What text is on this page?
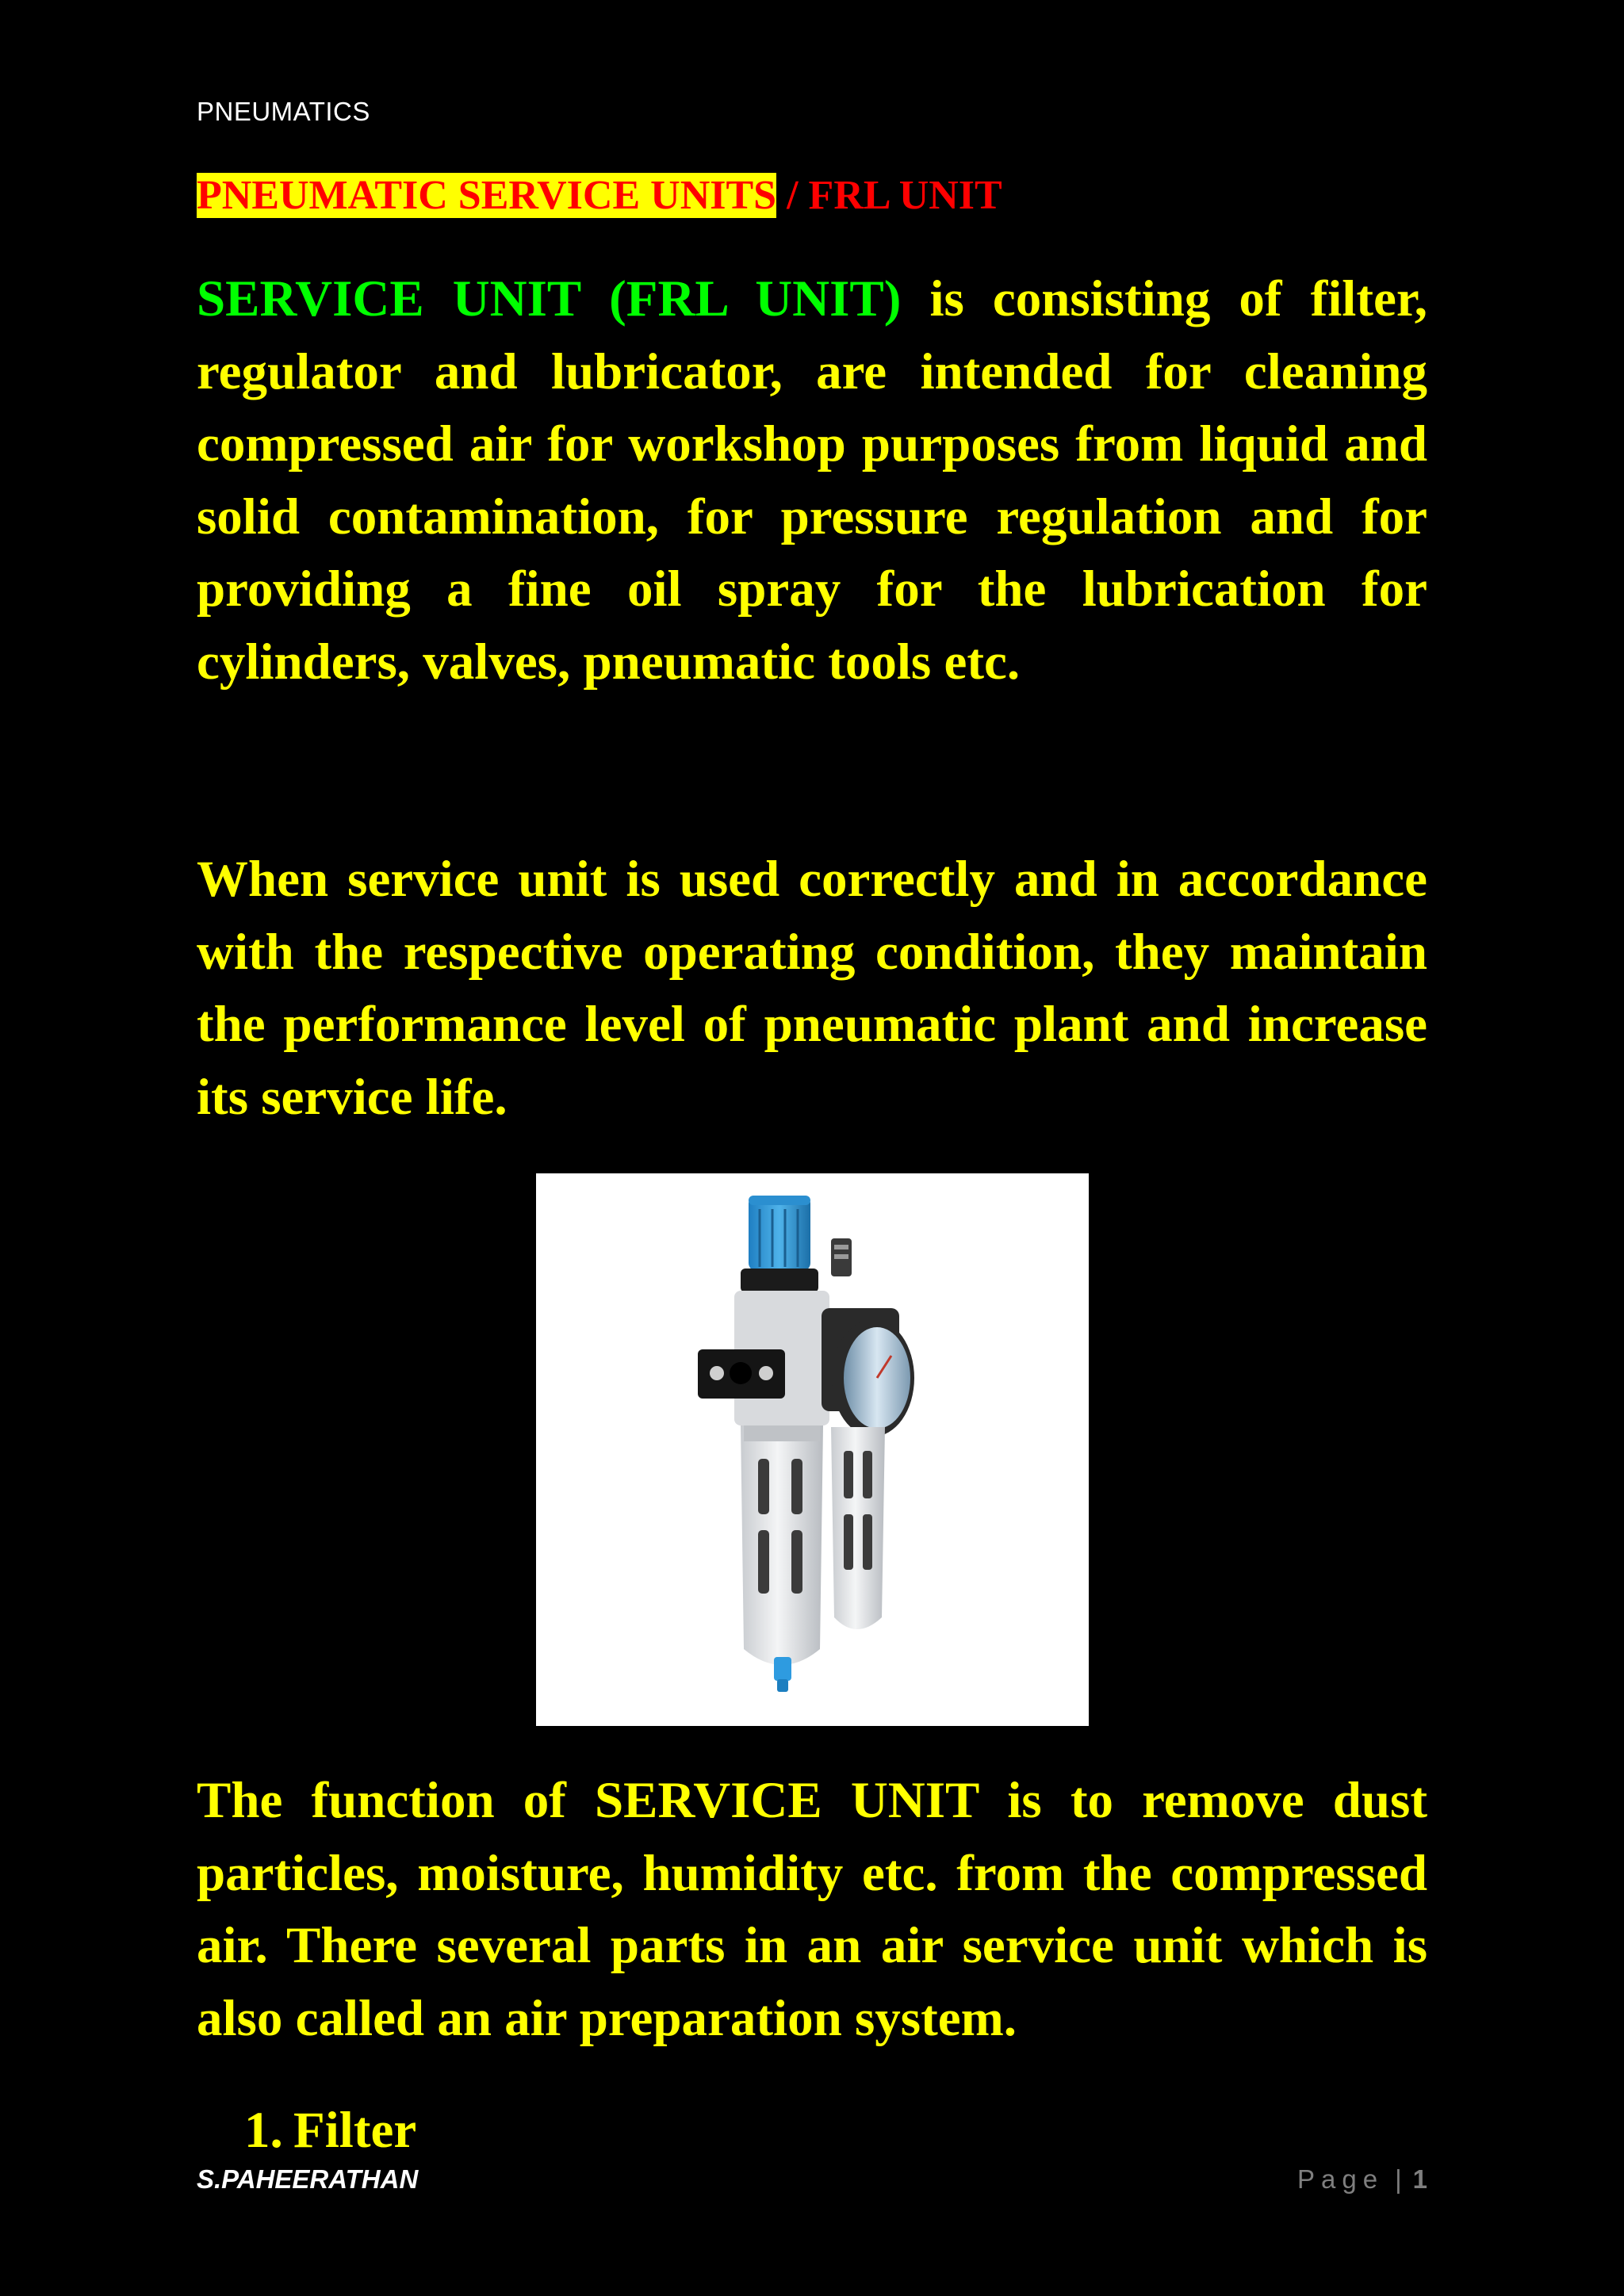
PNEUMATICS
PNEUMATIC SERVICE UNITS / FRL UNIT
SERVICE UNIT (FRL UNIT) is consisting of filter, regulator and lubricator, are intended for cleaning compressed air for workshop purposes from liquid and solid contamination, for pressure regulation and for providing a fine oil spray for the lubrication for cylinders, valves, pneumatic tools etc.
When service unit is used correctly and in accordance with the respective operating condition, they maintain the performance level of pneumatic plant and increase its service life.
The function of SERVICE UNIT is to remove dust particles, moisture, humidity etc. from the compressed air. There several parts in an air service unit which is also called an air preparation system.
1. Filter
S.PAHEERATHAN	Page | 1
